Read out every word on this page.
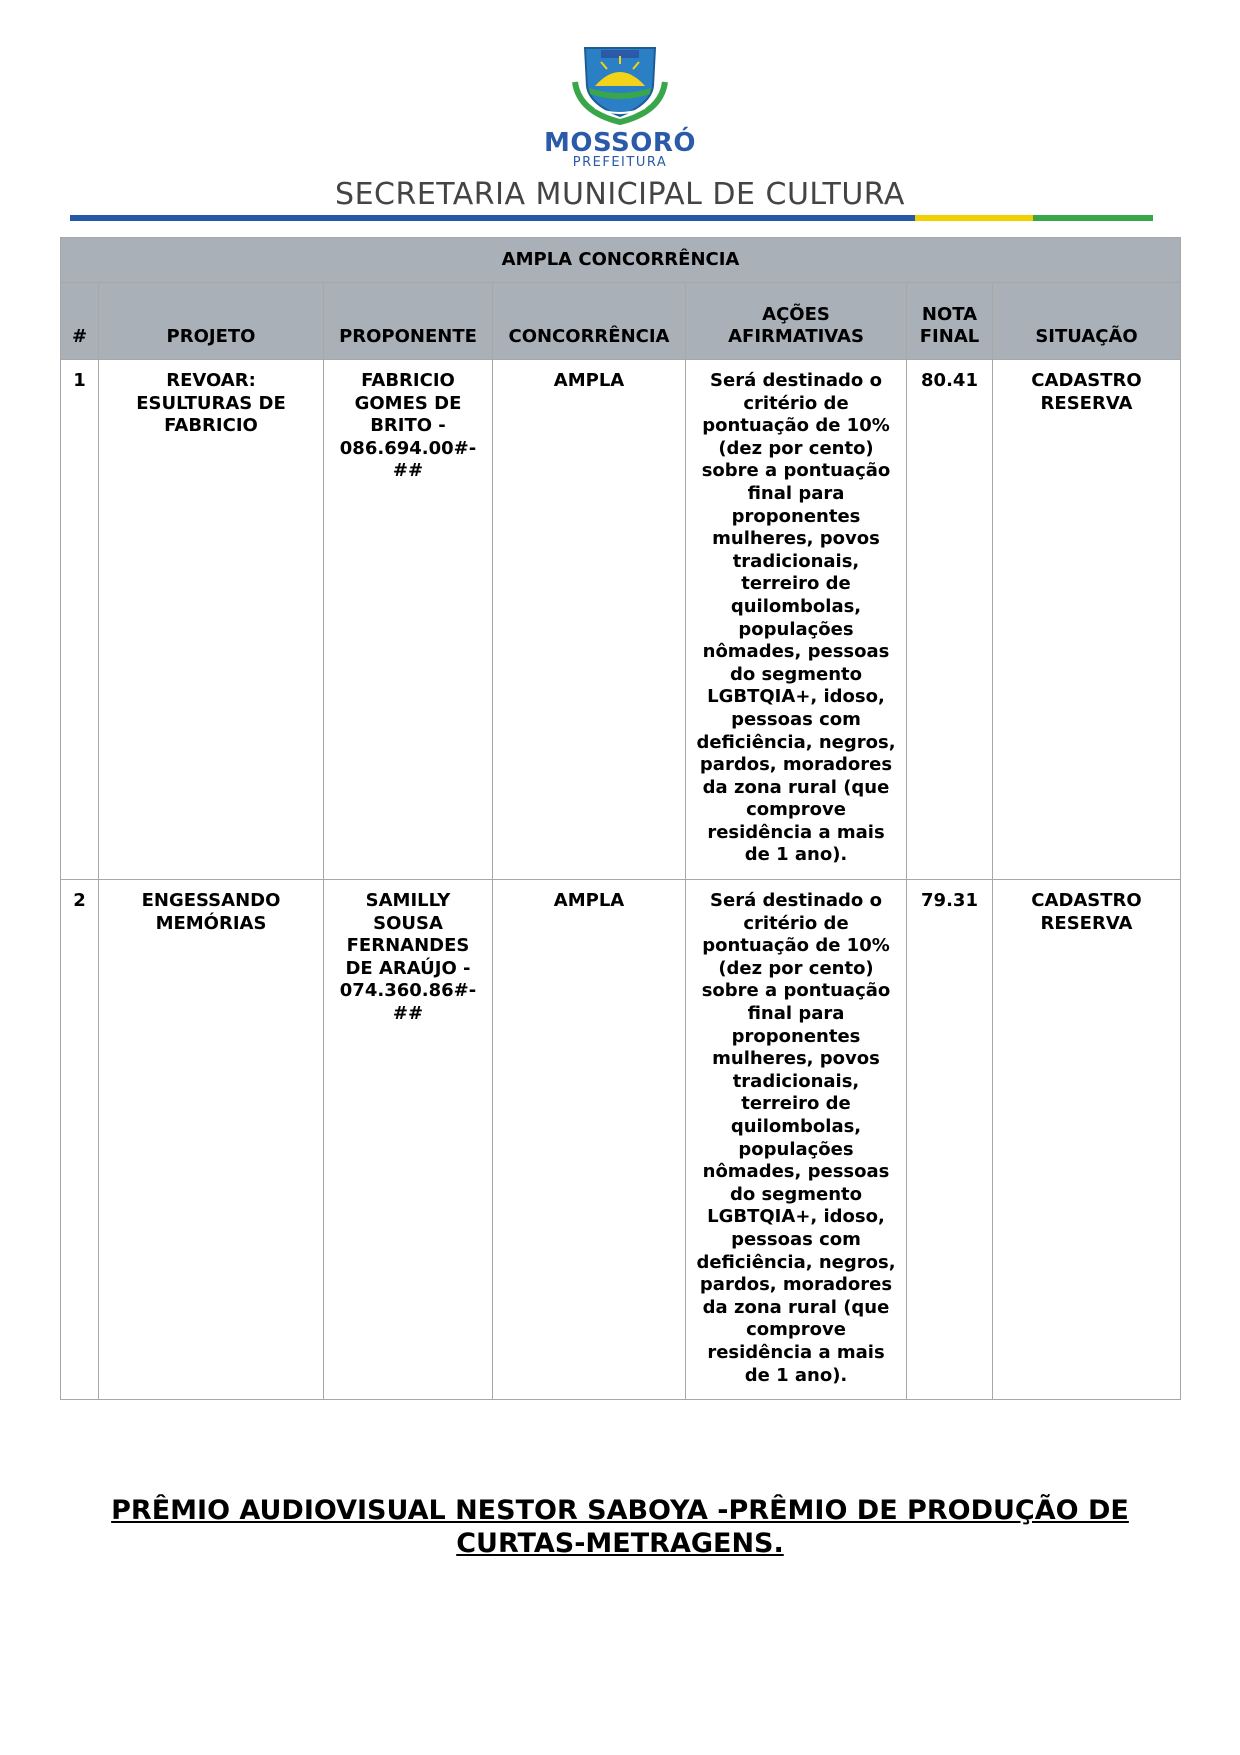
MOSSORÓ
PREFEITURA
SECRETARIA MUNICIPAL DE CULTURA
AMPLA CONCORRÊNCIA						
#	PROJETO	PROPONENTE	CONCORRÊNCIA	AÇÕES AFIRMATIVAS	NOTA FINAL	SITUAÇÃO
1	REVOAR: ESULTURAS DE FABRICIO	FABRICIO GOMES DE BRITO - 086.694.00#-##	AMPLA	Será destinado o critério de pontuação de 10% (dez por cento) sobre a pontuação final para proponentes mulheres, povos tradicionais, terreiro de quilombolas, populações nômades, pessoas do segmento LGBTQIA+, idoso, pessoas com deficiência, negros, pardos, moradores da zona rural (que comprove residência a mais de 1 ano).	80.41	CADASTRO RESERVA
2	ENGESSANDO MEMÓRIAS	SAMILLY SOUSA FERNANDES DE ARAÚJO - 074.360.86#-##	AMPLA	Será destinado o critério de pontuação de 10% (dez por cento) sobre a pontuação final para proponentes mulheres, povos tradicionais, terreiro de quilombolas, populações nômades, pessoas do segmento LGBTQIA+, idoso, pessoas com deficiência, negros, pardos, moradores da zona rural (que comprove residência a mais de 1 ano).	79.31	CADASTRO RESERVA
PRÊMIO AUDIOVISUAL NESTOR SABOYA -PRÊMIO DE PRODUÇÃO DE CURTAS-METRAGENS.
